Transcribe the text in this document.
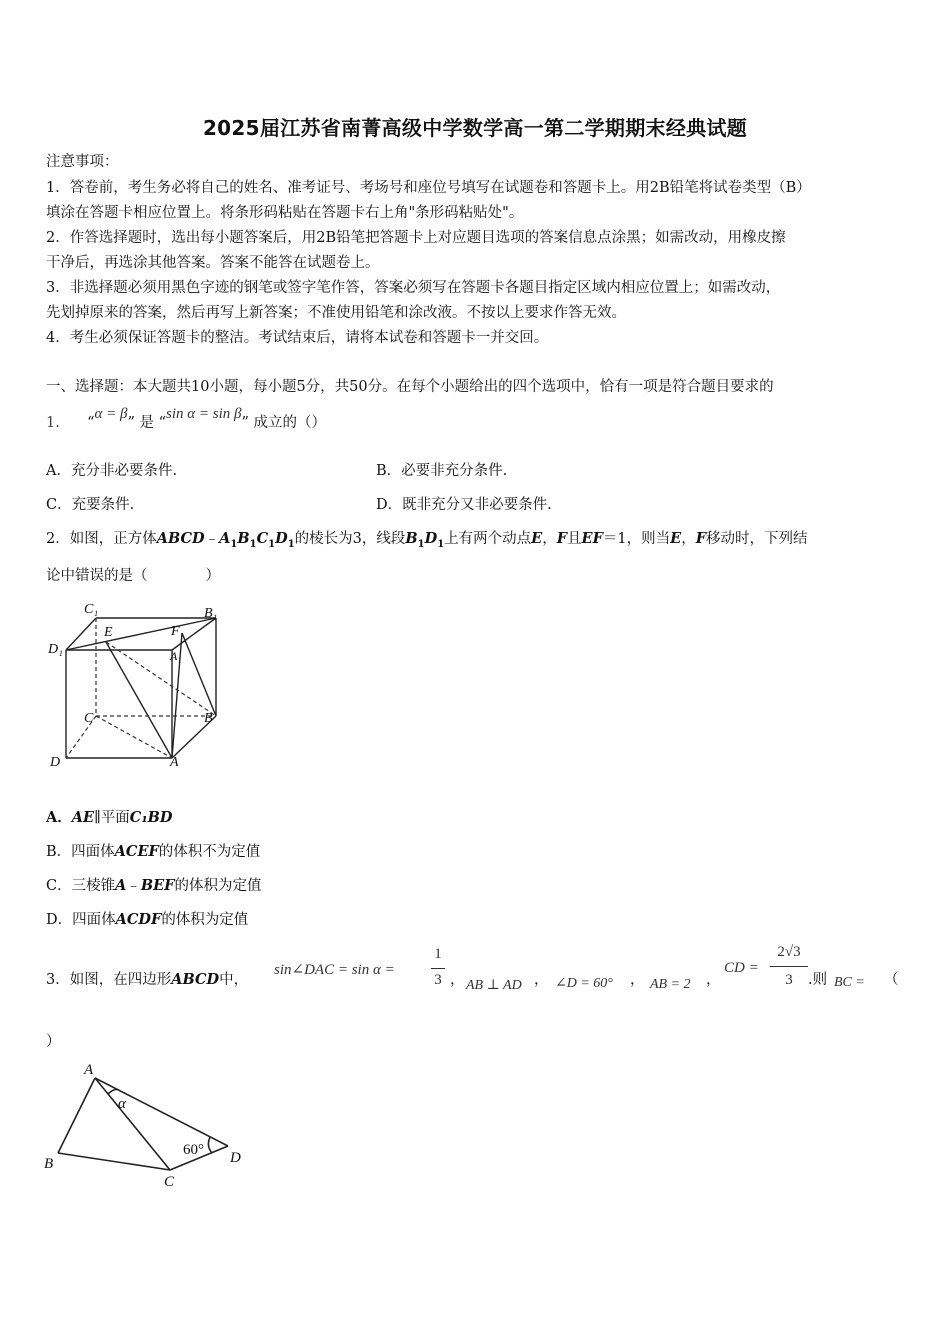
2025届江苏省南菁高级中学数学高一第二学期期末经典试题
注意事项：
1．答卷前，考生务必将自己的姓名、准考证号、考场号和座位号填写在试题卷和答题卡上。用2B铅笔将试卷类型（B）
填涂在答题卡相应位置上。将条形码粘贴在答题卡右上角"条形码粘贴处"。
2．作答选择题时，选出每小题答案后，用2B铅笔把答题卡上对应题目选项的答案信息点涂黑；如需改动，用橡皮擦
干净后，再选涂其他答案。答案不能答在试题卷上。
3．非选择题必须用黑色字迹的钢笔或签字笔作答，答案必须写在答题卡各题目指定区域内相应位置上；如需改动，
先划掉原来的答案，然后再写上新答案；不准使用铅笔和涂改液。不按以上要求作答无效。
4．考生必须保证答题卡的整洁。考试结束后，请将本试卷和答题卡一并交回。
一、选择题：本大题共10小题，每小题5分，共50分。在每个小题给出的四个选项中，恰有一项是符合题目要求的
1. “α = β” 是 “sin α = sin β” 成立的（）
A．充分非必要条件.	B．必要非充分条件.
C．充要条件.	D．既非充分又非必要条件.
2．如图，正方体$ABCD﹣A_1B_1C_1D_1$的棱长为3，线段$B_1D_1$上有两个动点E，F且EF＝1，则当E，F移动时，下列结
论中错误的是（　　　　）
C₁	B₁
D₁
E	F
A₁
C	B
D	A
A．AE∥平面C₁BD
B．四面体ACEF的体积不为定值
C．三棱锥A﹣BEF的体积为定值
D．四面体ACDF的体积为定值
3．如图，在四边形ABCD中，
sin∠DAC = sin α =
1
3 ， AB ⊥ AD ， ∠D = 60° ， AB = 2 ，
CD =
2√3
3	.则 BC = （
）
A
α
B
C
D
60°
